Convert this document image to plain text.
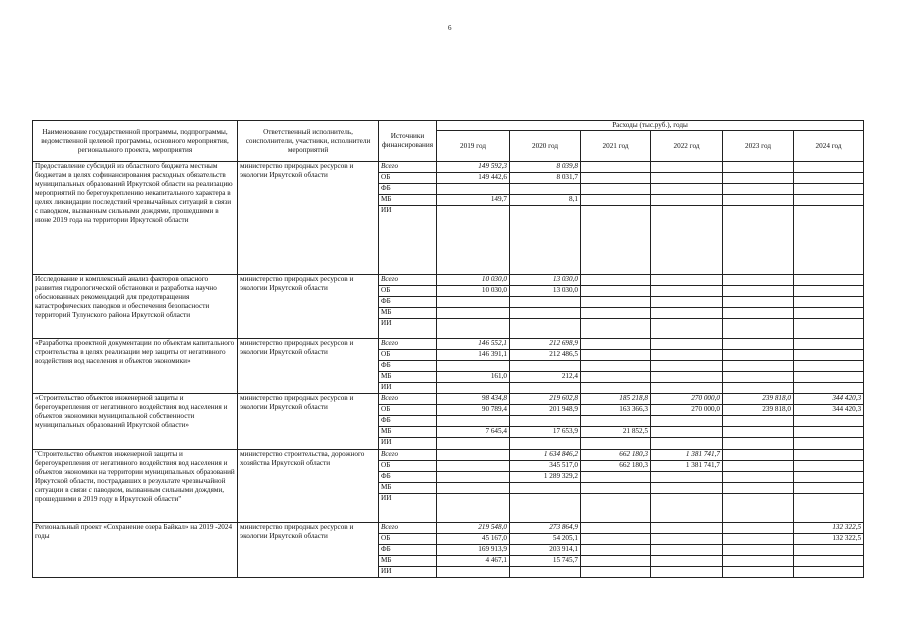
6
Наименование государственной программы, подпрограммы, ведомственной целевой программы, основного мероприятия, регионального проекта, мероприятия	Ответственный исполнитель, соисполнители, участники, исполнители мероприятий	Источники финансирования	Расходы (тыс.руб.), годы					
			2019 год	2020 год	2021 год	2022 год	2023 год	2024 год
Предоставление субсидий из областного бюджета местным бюджетам в целях софинансирования расходных обязательств муниципальных образований Иркутской области на реализацию мероприятий по берегоукреплению некапитального характера в целях ликвидации последствий чрезвычайных ситуаций в связи с паводком, вызванным сильными дождями, прошедшими в июне 2019 года на территории Иркутской области	министерство природных ресурсов и экологии Иркутской области	Всего	149 592,3	8 039,8				
		ОБ	149 442,6	8 031,7				
		ФБ						
		МБ	149,7	8,1				
		ИИ						
Исследование и комплексный анализ факторов опасного развития гидрологической обстановки и разработка научно обоснованных рекомендаций для предотвращения катастрофических паводков и обеспечения безопасности территорий Тулунского района Иркутской области	министерство природных ресурсов и экологии Иркутской области	Всего	10 030,0	13 030,0				
		ОБ	10 030,0	13 030,0				
		ФБ						
		МБ						
		ИИ						
«Разработка проектной документации по объектам капитального строительства в целях реализации мер защиты от негативного воздействия вод населения и объектов экономики»	министерство природных ресурсов и экологии Иркутской области	Всего	146 552,1	212 698,9				
		ОБ	146 391,1	212 486,5				
		ФБ						
		МБ	161,0	212,4				
		ИИ						
«Строительство объектов инженерной защиты и берегоукрепления от негативного воздействия вод населения и объектов экономики муниципальной собственности муниципальных образований Иркутской области»	министерство природных ресурсов и экологии Иркутской области	Всего	98 434,8	219 602,8	185 218,8	270 000,0	239 818,0	344 420,3
		ОБ	90 789,4	201 948,9	163 366,3	270 000,0	239 818,0	344 420,3
		ФБ						
		МБ	7 645,4	17 653,9	21 852,5			
		ИИ						
"Строительство объектов инженерной защиты и берегоукрепления от негативного воздействия вод населения и объектов экономики на территории муниципальных образований Иркутской области, пострадавших в результате чрезвычайной ситуации в связи с паводком, вызванным сильными дождями, прошедшими в 2019 году в Иркутской области"	министерство строительства, дорожного хозяйства Иркутской области	Всего		1 634 846,2	662 180,3	1 381 741,7		
		ОБ		345 517,0	662 180,3	1 381 741,7		
		ФБ		1 289 329,2				
		МБ						
		ИИ						
Региональный проект «Сохранение озера Байкал» на 2019 -2024 годы	министерство природных ресурсов и экологии Иркутской области	Всего	219 548,0	273 864,9				132 322,5
		ОБ	45 167,0	54 205,1				132 322,5
		ФБ	169 913,9	203 914,1				
		МБ	4 467,1	15 745,7				
		ИИ						
